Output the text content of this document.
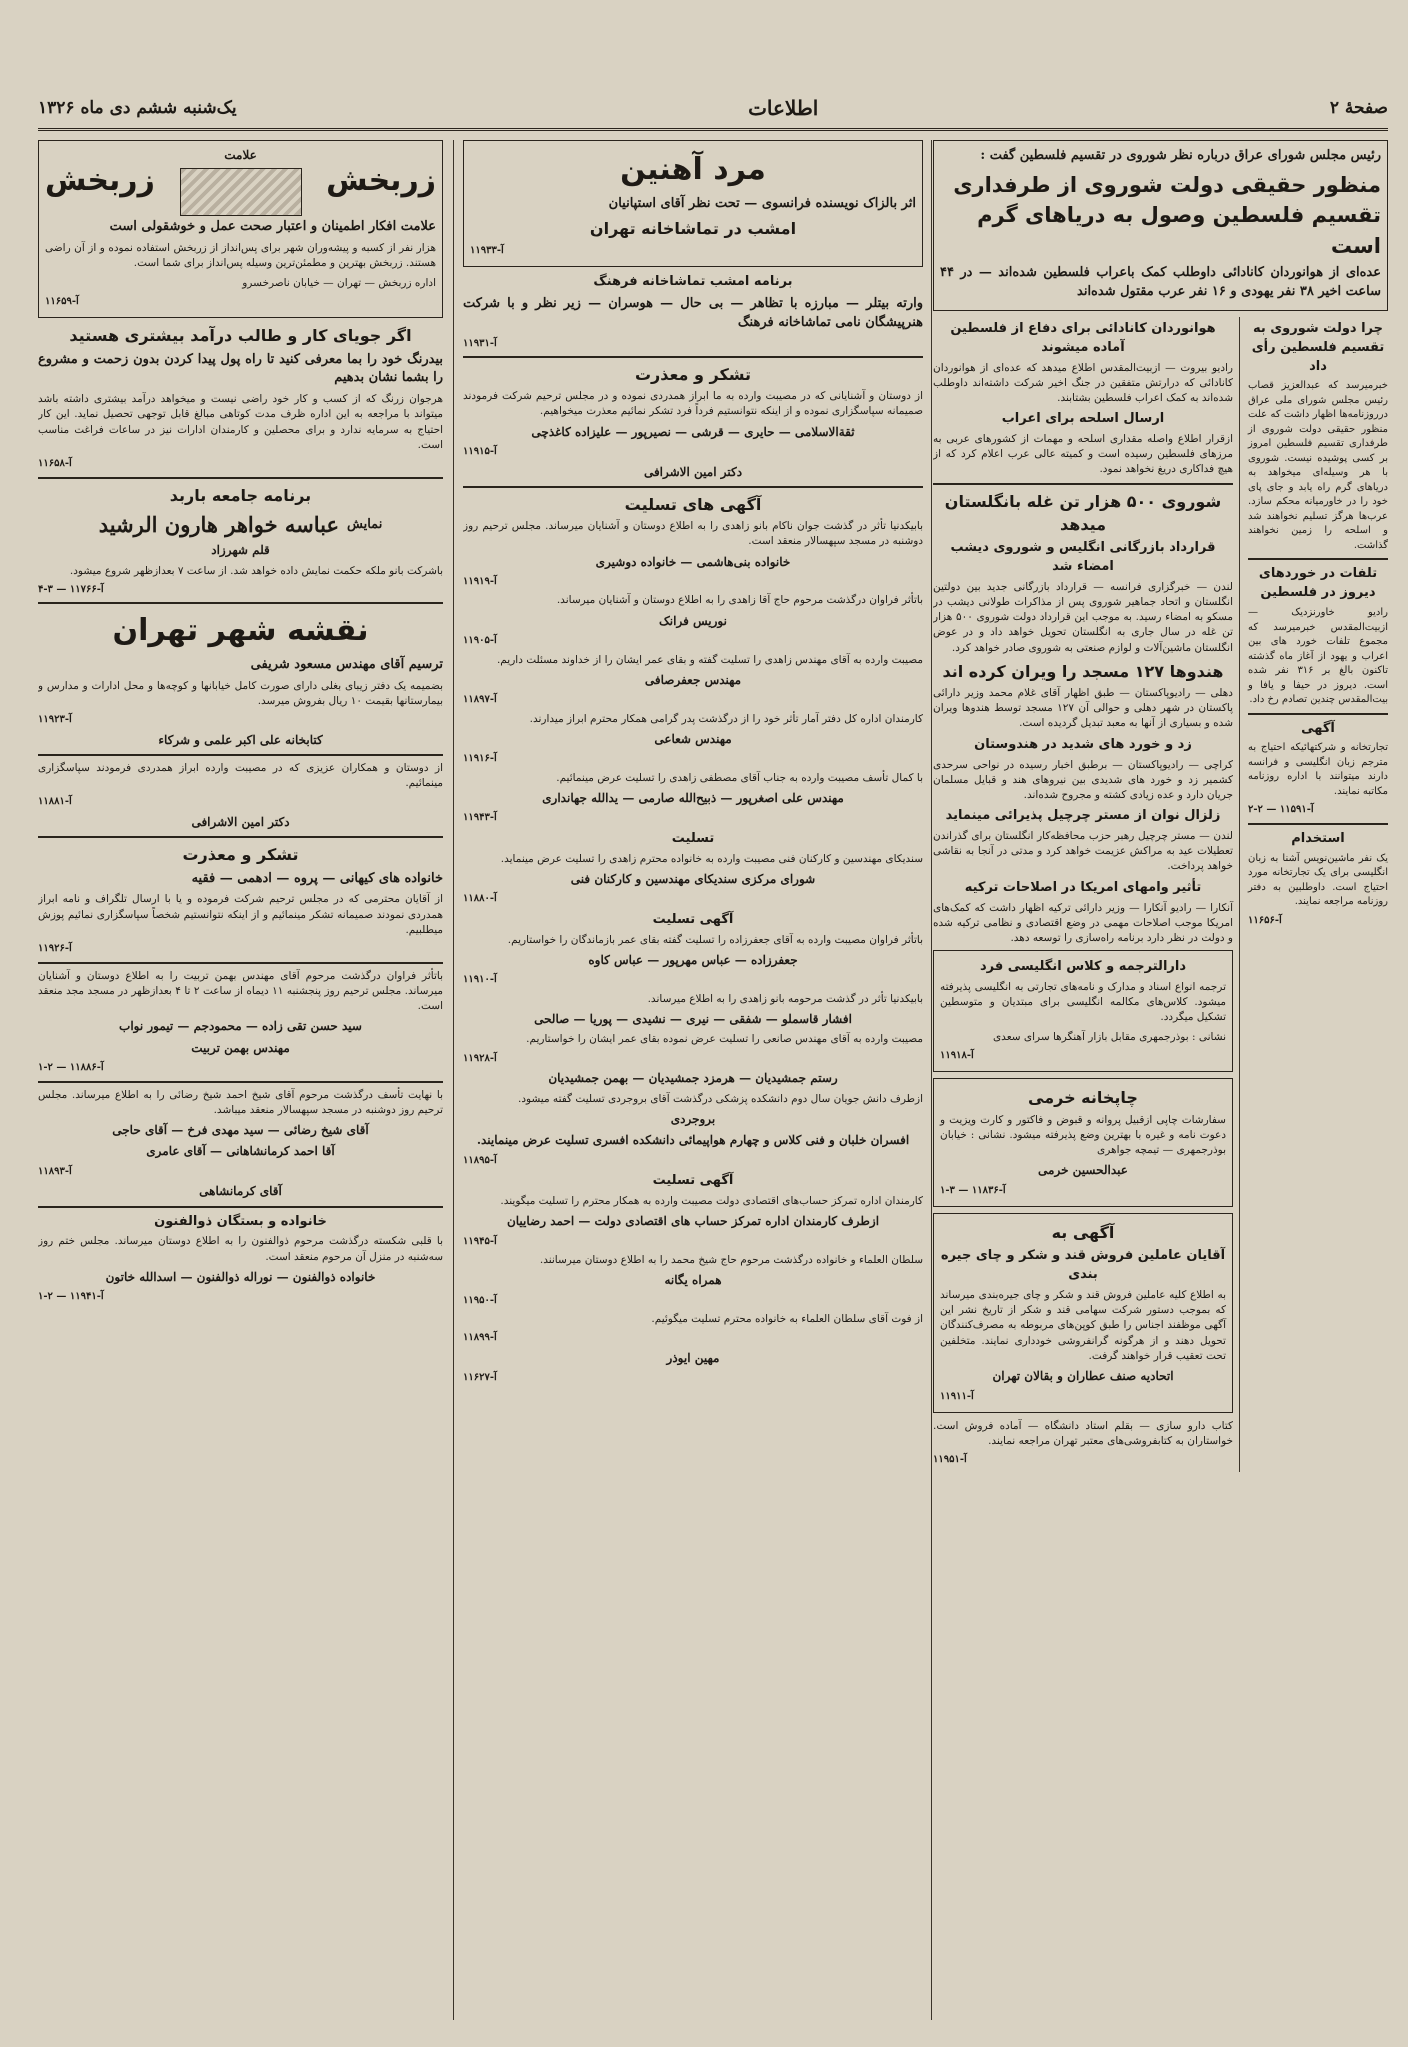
صفحهٔ ۲
اطلاعات
یک‌شنبه ششم دی ماه ۱۳۲۶

رئیس مجلس شورای عراق درباره نظر شوروی در تقسیم فلسطین گفت :

منظور حقیقی دولت شوروی از طرفداری تقسیم فلسطین وصول به دریاهای گرم است

عده‌ای از هوانوردان کانادائی داوطلب کمک باعراب فلسطین شده‌اند — در ۴۴ ساعت اخیر ۳۸ نفر یهودی و ۱۶ نفر عرب مقتول شده‌اند

چرا دولت شوروی به تقسیم فلسطین رأی داد

خبرمیرسد که عبدالعزیز قصاب رئیس مجلس شورای ملی عراق درروزنامه‌ها اظهار داشت که علت منظور حقیقی دولت شوروی از طرفداری تقسیم فلسطین امروز بر کسی پوشیده نیست. شوروی با هر وسیله‌ای میخواهد به دریاهای گرم راه یابد و جای پای خود را در خاورمیانه محکم سازد. عرب‌ها هرگز تسلیم نخواهند شد و اسلحه را زمین نخواهند گذاشت.

تلفات در خوردهای دیروز در فلسطین

رادیو خاورنزدیک — ازبیت‌المقدس خبرمیرسد که مجموع تلفات خورد های بین اعراب و یهود از آغاز ماه گذشته تاکنون بالغ بر ۳۱۶ نفر شده است. دیروز در حیفا و یافا و بیت‌المقدس چندین تصادم رخ داد.

آگهی

تجارتخانه و شرکتهائیکه احتیاج به مترجم زبان انگلیسی و فرانسه دارند میتوانند با اداره روزنامه مکاتبه نمایند.

آ-۱۱۵۹۱ — ۲-۲

استخدام

یک نفر ماشین‌نویس آشنا به زبان انگلیسی برای یک تجارتخانه مورد احتیاج است. داوطلبین به دفتر روزنامه مراجعه نمایند.

آ-۱۱۶۵۶

هوانوردان کانادائی برای دفاع از فلسطین آماده میشوند

رادیو بیروت — ازبیت‌المقدس اطلاع میدهد که عده‌ای از هوانوردان کانادائی که درارتش متفقین در جنگ اخیر شرکت داشته‌اند داوطلب شده‌اند به کمک اعراب فلسطین بشتابند.

ارسال اسلحه برای اعراب

ازقرار اطلاع واصله مقداری اسلحه و مهمات از کشورهای عربی به مرزهای فلسطین رسیده است و کمیته عالی عرب اعلام کرد که از هیچ فداکاری دریغ نخواهد نمود.

شوروی ۵۰۰ هزار تن غله بانگلستان میدهد
قرارداد بازرگانی انگلیس و شوروی دیشب امضاء شد

لندن — خبرگزاری فرانسه — قرارداد بازرگانی جدید بین دولتین انگلستان و اتحاد جماهیر شوروی پس از مذاکرات طولانی دیشب در مسکو به امضاء رسید. به موجب این قرارداد دولت شوروی ۵۰۰ هزار تن غله در سال جاری به انگلستان تحویل خواهد داد و در عوض انگلستان ماشین‌آلات و لوازم صنعتی به شوروی صادر خواهد کرد.

هندوها ۱۲۷ مسجد را ویران کرده اند

دهلی — رادیوپاکستان — طبق اظهار آقای غلام محمد وزیر دارائی پاکستان در شهر دهلی و حوالی آن ۱۲۷ مسجد توسط هندوها ویران شده و بسیاری از آنها به معبد تبدیل گردیده است.

زد و خورد های شدید در هندوستان

کراچی — رادیوپاکستان — برطبق اخبار رسیده در نواحی سرحدی کشمیر زد و خورد های شدیدی بین نیروهای هند و قبایل مسلمان جریان دارد و عده زیادی کشته و مجروح شده‌اند.

زلزال نوان از مستر چرچیل پذیرائی مینماید

لندن — مستر چرچیل رهبر حزب محافظه‌کار انگلستان برای گذراندن تعطیلات عید به مراکش عزیمت خواهد کرد و مدتی در آنجا به نقاشی خواهد پرداخت.

تأثیر وامهای امریکا در اصلاحات ترکیه

آنکارا — رادیو آنکارا — وزیر دارائی ترکیه اظهار داشت که کمک‌های امریکا موجب اصلاحات مهمی در وضع اقتصادی و نظامی ترکیه شده و دولت در نظر دارد برنامه راه‌سازی را توسعه دهد.

دارالترجمه و کلاس انگلیسی فرد

ترجمه انواع اسناد و مدارک و نامه‌های تجارتی به انگلیسی پذیرفته میشود. کلاس‌های مکالمه انگلیسی برای مبتدیان و متوسطین تشکیل میگردد.

نشانی : بوذرجمهری مقابل بازار آهنگرها سرای سعدی

آ-۱۱۹۱۸

چاپخانه خرمی

سفارشات چاپی ازقبیل پروانه و قبوض و فاکتور و کارت ویزیت و دعوت نامه و غیره با بهترین وضع پذیرفته میشود. نشانی : خیابان بوذرجمهری — تیمچه جواهری

عبدالحسین خرمی

آ-۱۱۸۳۶ — ۳-۱

آگهی به
آقایان عاملین فروش قند و شکر و چای جیره بندی

به اطلاع کلیه عاملین فروش قند و شکر و چای جیره‌بندی میرساند که بموجب دستور شرکت سهامی قند و شکر از تاریخ نشر این آگهی موظفند اجناس را طبق کوپن‌های مربوطه به مصرف‌کنندگان تحویل دهند و از هرگونه گرانفروشی خودداری نمایند. متخلفین تحت تعقیب قرار خواهند گرفت.

اتحادیه صنف عطاران و بقالان تهران

آ-۱۱۹۱۱

کتاب دارو سازی — بقلم استاد دانشگاه — آماده فروش است. خواستاران به کتابفروشی‌های معتبر تهران مراجعه نمایند.

آ-۱۱۹۵۱

مرد آهنین

اثر بالزاک نویسنده فرانسوی — تحت نظر آقای استپانیان

امشب در تماشاخانه تهران

آ-۱۱۹۳۳

برنامه امشب تماشاخانه فرهنگ

وارته بیتلر — مبارزه با تظاهر — بی حال — هوسران — زیر نظر و با شرکت هنرپیشگان نامی تماشاخانه فرهنگ

آ-۱۱۹۳۱

تشکر و معذرت

از دوستان و آشنایانی که در مصیبت وارده به ما ابراز همدردی نموده و در مجلس ترحیم شرکت فرمودند صمیمانه سپاسگزاری نموده و از اینکه نتوانستیم فرداً فرد تشکر نمائیم معذرت میخواهیم.

ثقةالاسلامی — حایری — قرشی — نصیرپور — علیزاده کاغذچی

آ-۱۱۹۱۵

دکتر امین الاشرافی

آگهی های تسلیت

بابیکدنیا تأثر در گذشت جوان ناکام بانو زاهدی را به اطلاع دوستان و آشنایان میرساند. مجلس ترحیم روز دوشنبه در مسجد سپهسالار منعقد است.

خانواده بنی‌هاشمی — خانواده دوشیری

آ-۱۱۹۱۹

باتأثر فراوان درگذشت مرحوم حاج آقا زاهدی را به اطلاع دوستان و آشنایان میرساند.

نوریس فرانک

آ-۱۱۹۰۵

مصیبت وارده به آقای مهندس زاهدی را تسلیت گفته و بقای عمر ایشان را از خداوند مسئلت داریم.

مهندس جعفرصافی

آ-۱۱۸۹۷

کارمندان اداره کل دفتر آمار تأثر خود را از درگذشت پدر گرامی همکار محترم ابراز میدارند.

مهندس شعاعی

آ-۱۱۹۱۶

با کمال تأسف مصیبت وارده به جناب آقای مصطفی زاهدی را تسلیت عرض مینمائیم.

مهندس علی اصغرپور — ذبیح‌الله صارمی — یدالله جهانداری

آ-۱۱۹۴۳

تسلیت

سندیکای مهندسین و کارکنان فنی مصیبت وارده به خانواده محترم زاهدی را تسلیت عرض مینماید.

شورای مرکزی سندیکای مهندسین و کارکنان فنی

آ-۱۱۸۸۰

آگهی تسلیت

باتأثر فراوان مصیبت وارده به آقای جعفرزاده را تسلیت گفته بقای عمر بازماندگان را خواستاریم.

جعفرزاده — عباس مهرپور — عباس کاوه

آ-۱۱۹۱۰

بابیکدنیا تأثر در گذشت مرحومه بانو زاهدی را به اطلاع میرساند.

افشار قاسملو — شفقی — نیری — نشیدی — پوریا — صالحی

مصیبت وارده به آقای مهندس صانعی را تسلیت عرض نموده بقای عمر ایشان را خواستاریم.

آ-۱۱۹۲۸

رستم جمشیدیان — هرمزد جمشیدیان — بهمن جمشیدیان

ازطرف دانش جویان سال دوم دانشکده پزشکی درگذشت آقای بروجردی تسلیت گفته میشود.

بروجردی

افسران خلبان و فنی کلاس و چهارم هواپیمائی دانشکده افسری تسلیت عرض مینمایند.

آ-۱۱۸۹۵

آگهی تسلیت

کارمندان اداره تمرکز حساب‌های اقتصادی دولت مصیبت وارده به همکار محترم را تسلیت میگویند.

ازطرف کارمندان اداره تمرکز حساب های اقتصادی دولت — احمد رضاییان

آ-۱۱۹۴۵

سلطان العلماء و خانواده درگذشت مرحوم حاج شیخ محمد را به اطلاع دوستان میرسانند.

همراه یگانه

آ-۱۱۹۵۰

از فوت آقای سلطان العلماء به خانواده محترم تسلیت میگوئیم.

آ-۱۱۸۹۹

مهین ایوذر

آ-۱۱۶۲۷

زربخش

علامت

زربخش

علامت افکار اطمینان و اعتبار صحت عمل و خوشقولی است

هزار نفر از کسبه و پیشه‌وران شهر برای پس‌انداز از زربخش استفاده نموده و از آن راضی هستند. زربخش بهترین و مطمئن‌ترین وسیله پس‌انداز برای شما است.

اداره زربخش — تهران — خیابان ناصرخسرو

آ-۱۱۶۵۹

اگر جویای کار و طالب درآمد بیشتری هستید

بیدرنگ خود را بما معرفی کنید تا راه پول پیدا کردن بدون زحمت و مشروع را بشما نشان بدهیم

هرجوان زرنگ که از کسب و کار خود راضی نیست و میخواهد درآمد بیشتری داشته باشد میتواند با مراجعه به این اداره ظرف مدت کوتاهی مبالغ قابل توجهی تحصیل نماید. این کار احتیاج به سرمایه ندارد و برای محصلین و کارمندان ادارات نیز در ساعات فراغت مناسب است.

آ-۱۱۶۵۸

برنامه جامعه باربد
نمایش
عباسه خواهر هارون الرشید

قلم شهرزاد

باشرکت بانو ملکه حکمت نمایش داده خواهد شد. از ساعت ۷ بعدازظهر شروع میشود.

آ-۱۱۷۶۶ — ۳-۴

نقشه شهر تهران

ترسیم آقای مهندس مسعود شریفی

بضمیمه یک دفتر زیبای بغلی دارای صورت کامل خیابانها و کوچه‌ها و محل ادارات و مدارس و بیمارستانها بقیمت ۱۰ ریال بفروش میرسد.

آ-۱۱۹۲۳

کتابخانه علی اکبر علمی و شرکاء

از دوستان و همکاران عزیزی که در مصیبت وارده ابراز همدردی فرمودند سپاسگزاری مینمائیم.

آ-۱۱۸۸۱

دکتر امین الاشرافی

تشکر و معذرت

خانواده های کیهانی — پروه — ادهمی — فقیه

از آقایان محترمی که در مجلس ترحیم شرکت فرموده و یا با ارسال تلگراف و نامه ابراز همدردی نمودند صمیمانه تشکر مینمائیم و از اینکه نتوانستیم شخصاً سپاسگزاری نمائیم پوزش میطلبیم.

آ-۱۱۹۲۶

باتأثر فراوان درگذشت مرحوم آقای مهندس بهمن تربیت را به اطلاع دوستان و آشنایان میرساند. مجلس ترحیم روز پنجشنبه ۱۱ دیماه از ساعت ۲ تا ۴ بعدازظهر در مسجد مجد منعقد است.

سید حسن تقی زاده — محمودجم — تیمور نواب

مهندس بهمن تربیت

آ-۱۱۸۸۶ — ۲-۱

با نهایت تأسف درگذشت مرحوم آقای شیخ احمد شیخ رضائی را به اطلاع میرساند. مجلس ترحیم روز دوشنبه در مسجد سپهسالار منعقد میباشد.

آقای شیخ رضائی — سید مهدی فرخ — آقای حاجی

آقا احمد کرمانشاهانی — آقای عامری

آ-۱۱۸۹۳

آقای کرمانشاهی

خانواده و بستگان ذوالفنون

با قلبی شکسته درگذشت مرحوم ذوالفنون را به اطلاع دوستان میرساند. مجلس ختم روز سه‌شنبه در منزل آن مرحوم منعقد است.

خانواده ذوالفنون — نوراله ذوالفنون — اسدالله خاتون

آ-۱۱۹۴۱ — ۲-۱
